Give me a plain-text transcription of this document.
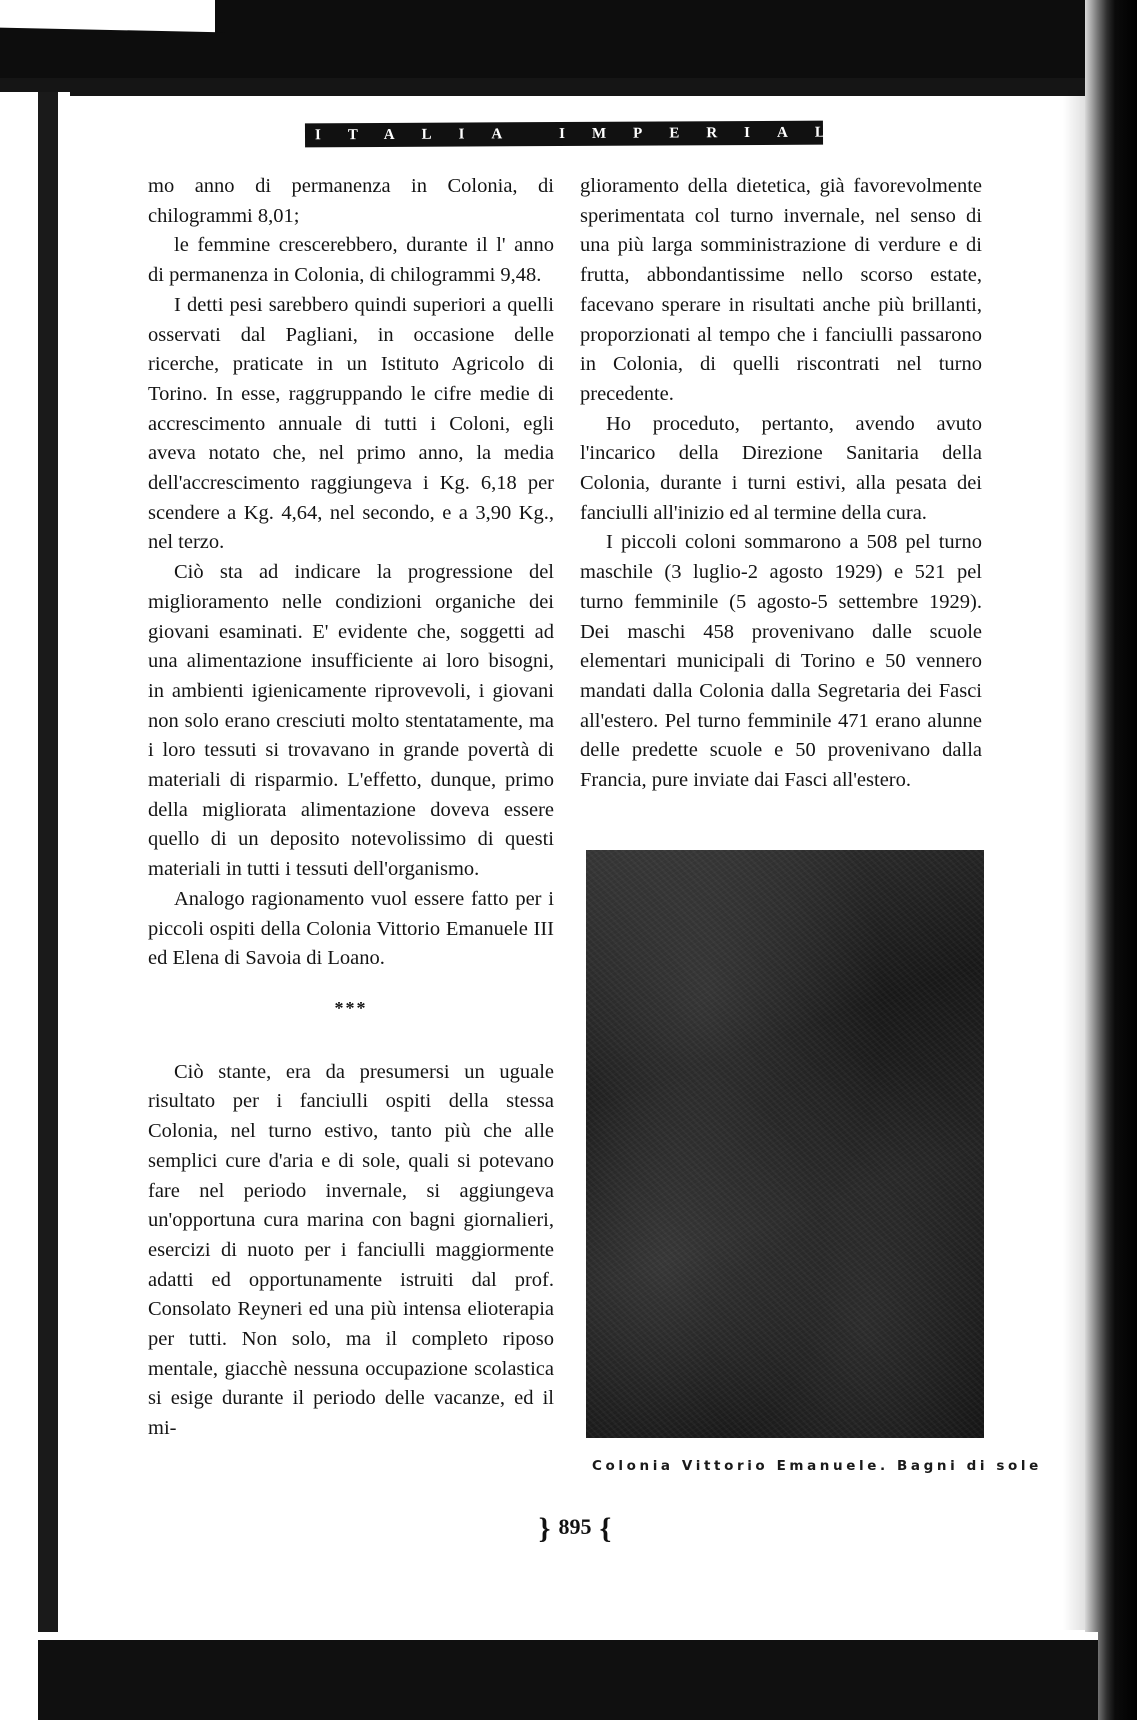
ITALIA IMPERIALE

mo anno di permanenza in Colonia, di chilogrammi 8,01;

le femmine crescerebbero, durante il l' anno di permanenza in Colonia, di chilogrammi 9,48.

I detti pesi sarebbero quindi superiori a quelli osservati dal Pagliani, in occasione delle ricerche, praticate in un Istituto Agricolo di Torino. In esse, raggruppando le cifre medie di accrescimento annuale di tutti i Coloni, egli aveva notato che, nel primo anno, la media dell'accrescimento raggiungeva i Kg. 6,18 per scendere a Kg. 4,64, nel secondo, e a 3,90 Kg., nel terzo.

Ciò sta ad indicare la progressione del miglioramento nelle condizioni organiche dei giovani esaminati. E' evidente che, soggetti ad una alimentazione insufficiente ai loro bisogni, in ambienti igienicamente riprovevoli, i giovani non solo erano cresciuti molto stentatamente, ma i loro tessuti si trovavano in grande povertà di materiali di risparmio. L'effetto, dunque, primo della migliorata alimentazione doveva essere quello di un deposito notevolissimo di questi materiali in tutti i tessuti dell'organismo.

Analogo ragionamento vuol essere fatto per i piccoli ospiti della Colonia Vittorio Emanuele III ed Elena di Savoia di Loano.

***

Ciò stante, era da presumersi un uguale risultato per i fanciulli ospiti della stessa Colonia, nel turno estivo, tanto più che alle semplici cure d'aria e di sole, quali si potevano fare nel periodo invernale, si aggiungeva un'opportuna cura marina con bagni giornalieri, esercizi di nuoto per i fanciulli maggiormente adatti ed opportunamente istruiti dal prof. Consolato Reyneri ed una più intensa elioterapia per tutti. Non solo, ma il completo riposo mentale, giacchè nessuna occupazione scolastica si esige durante il periodo delle vacanze, ed il mi-

glioramento della dietetica, già favorevolmente sperimentata col turno invernale, nel senso di una più larga somministrazione di verdure e di frutta, abbondantissime nello scorso estate, facevano sperare in risultati anche più brillanti, proporzionati al tempo che i fanciulli passarono in Colonia, di quelli riscontrati nel turno precedente.

Ho proceduto, pertanto, avendo avuto l'incarico della Direzione Sanitaria della Colonia, durante i turni estivi, alla pesata dei fanciulli all'inizio ed al termine della cura.

I piccoli coloni sommarono a 508 pel turno maschile (3 luglio-2 agosto 1929) e 521 pel turno femminile (5 agosto-5 settembre 1929). Dei maschi 458 provenivano dalle scuole elementari municipali di Torino e 50 vennero mandati dalla Colonia dalla Segretaria dei Fasci all'estero. Pel turno femminile 471 erano alunne delle predette scuole e 50 provenivano dalla Francia, pure inviate dai Fasci all'estero.

Colonia Vittorio Emanuele. Bagni di sole
} 895 {
